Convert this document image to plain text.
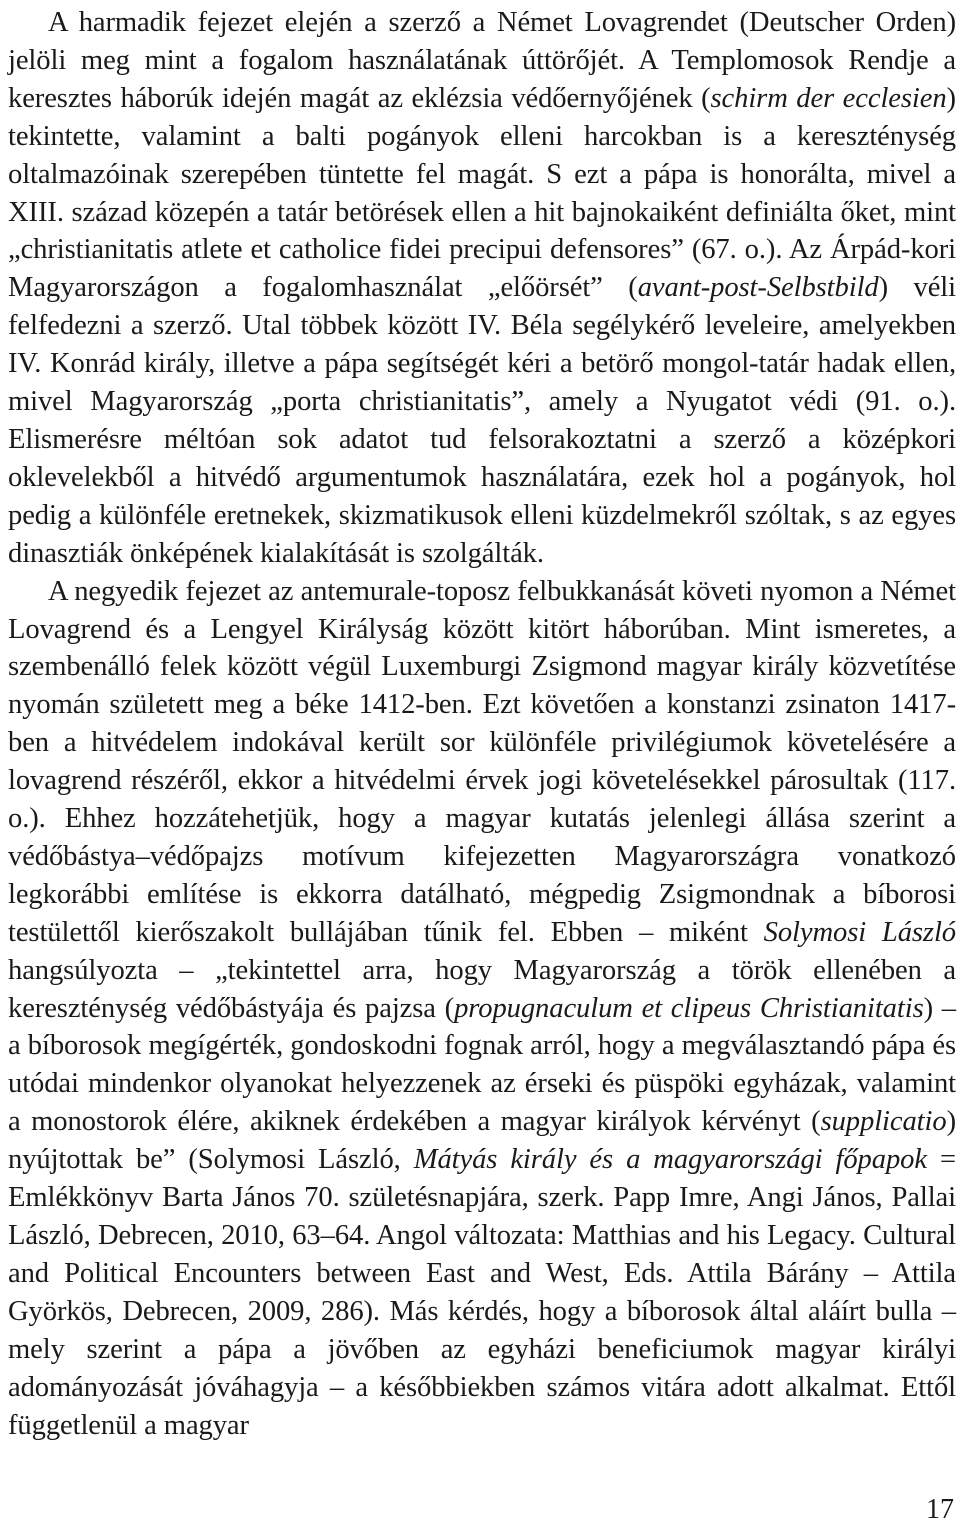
A harmadik fejezet elején a szerző a Német Lovagrendet (Deutscher Orden) jelöli meg mint a fogalom használatának úttörőjét. A Templomosok Rendje a keresztes háborúk idején magát az eklézsia védőernyőjének (schirm der ecclesien) tekintette, valamint a balti pogányok elleni harcokban is a kereszténység oltalmazóinak szerepében tüntette fel magát. S ezt a pápa is honorálta, mivel a XIII. század közepén a tatár betörések ellen a hit bajnokaiként definiálta őket, mint „christianitatis atlete et catholice fidei precipui defensores” (67. o.). Az Árpád-kori Magyarországon a fogalomhasználat „előörsét” (avant-post-Selbstbild) véli felfedezni a szerző. Utal többek között IV. Béla segélykérő leveleire, amelyekben IV. Konrád király, illetve a pápa segítségét kéri a betörő mongol-tatár hadak ellen, mivel Magyarország „porta christianitatis”, amely a Nyugatot védi (91. o.). Elismerésre méltóan sok adatot tud felsorakoztatni a szerző a középkori oklevelekből a hitvédő argumentumok használatára, ezek hol a pogányok, hol pedig a különféle eretnekek, skizmatikusok elleni küzdelmekről szóltak, s az egyes dinasztiák önképének kialakítását is szolgálták.

A negyedik fejezet az antemurale-toposz felbukkanását követi nyomon a Német Lovagrend és a Lengyel Királyság között kitört háborúban. Mint ismeretes, a szembenálló felek között végül Luxemburgi Zsigmond magyar király közvetítése nyomán született meg a béke 1412-ben. Ezt követően a konstanzi zsinaton 1417-ben a hitvédelem indokával került sor különféle privilégiumok követelésére a lovagrend részéről, ekkor a hitvédelmi érvek jogi követelésekkel párosultak (117. o.). Ehhez hozzátehetjük, hogy a magyar kutatás jelenlegi állása szerint a védőbástya–védőpajzs motívum kifejezetten Magyarországra vonatkozó legkorábbi említése is ekkorra datálható, mégpedig Zsigmondnak a bíborosi testülettől kierőszakolt bullájában tűnik fel. Ebben – miként Solymosi László hangsúlyozta – „tekintettel arra, hogy Magyarország a török ellenében a kereszténység védőbástyája és pajzsa (propugnaculum et clipeus Christianitatis) – a bíborosok megígérték, gondoskodni fognak arról, hogy a megválasztandó pápa és utódai mindenkor olyanokat helyezzenek az érseki és püspöki egyházak, valamint a monostorok élére, akiknek érdekében a magyar királyok kérvényt (supplicatio) nyújtottak be” (Solymosi László, Mátyás király és a magyarországi főpapok = Emlékkönyv Barta János 70. születésnapjára, szerk. Papp Imre, Angi János, Pallai László, Debrecen, 2010, 63–64. Angol változata: Matthias and his Legacy. Cultural and Political Encounters between East and West, Eds. Attila Bárány – Attila Györkös, Debrecen, 2009, 286). Más kérdés, hogy a bíborosok által aláírt bulla – mely szerint a pápa a jövőben az egyházi beneficiumok magyar királyi adományozását jóváhagyja – a későbbiekben számos vitára adott alkalmat. Ettől függetlenül a magyar

17
